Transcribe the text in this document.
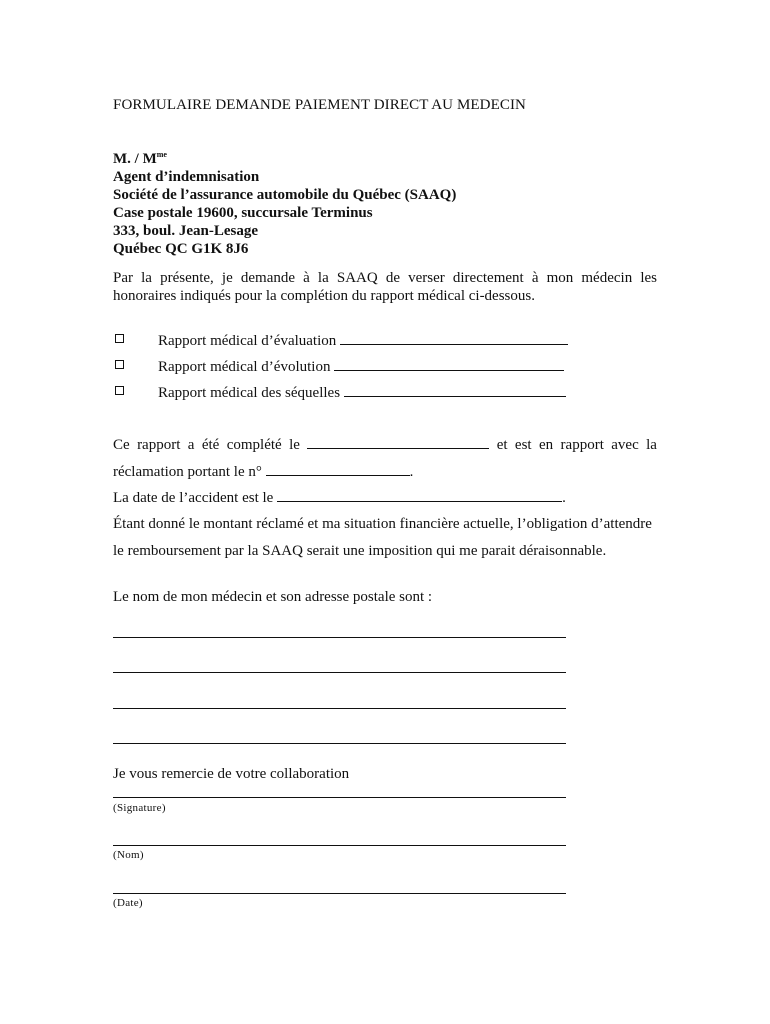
FORMULAIRE DEMANDE PAIEMENT DIRECT AU MEDECIN
M. / $M^{me}$
Agent d’indemnisation
Société de l’assurance automobile du Québec (SAAQ)
Case postale 19600, succursale Terminus
333, boul. Jean-Lesage
Québec QC G1K 8J6
Par la présente, je demande à la SAAQ de verser directement à mon médecin les honoraires indiqués pour la complétion du rapport médical ci-dessous.
Rapport médical d’évaluation
Rapport médical d’évolution
Rapport médical des séquelles
Ce rapport a été complété le	et est en rapport avec la
réclamation portant le n°	.
La date de l’accident est le	.
Étant donné le montant réclamé et ma situation financière actuelle, l’obligation d’attendre
le remboursement par la SAAQ serait une imposition qui me parait déraisonnable.
Le nom de mon médecin et son adresse postale sont :
Je vous remercie de votre collaboration
(Signature)
(Nom)
(Date)
